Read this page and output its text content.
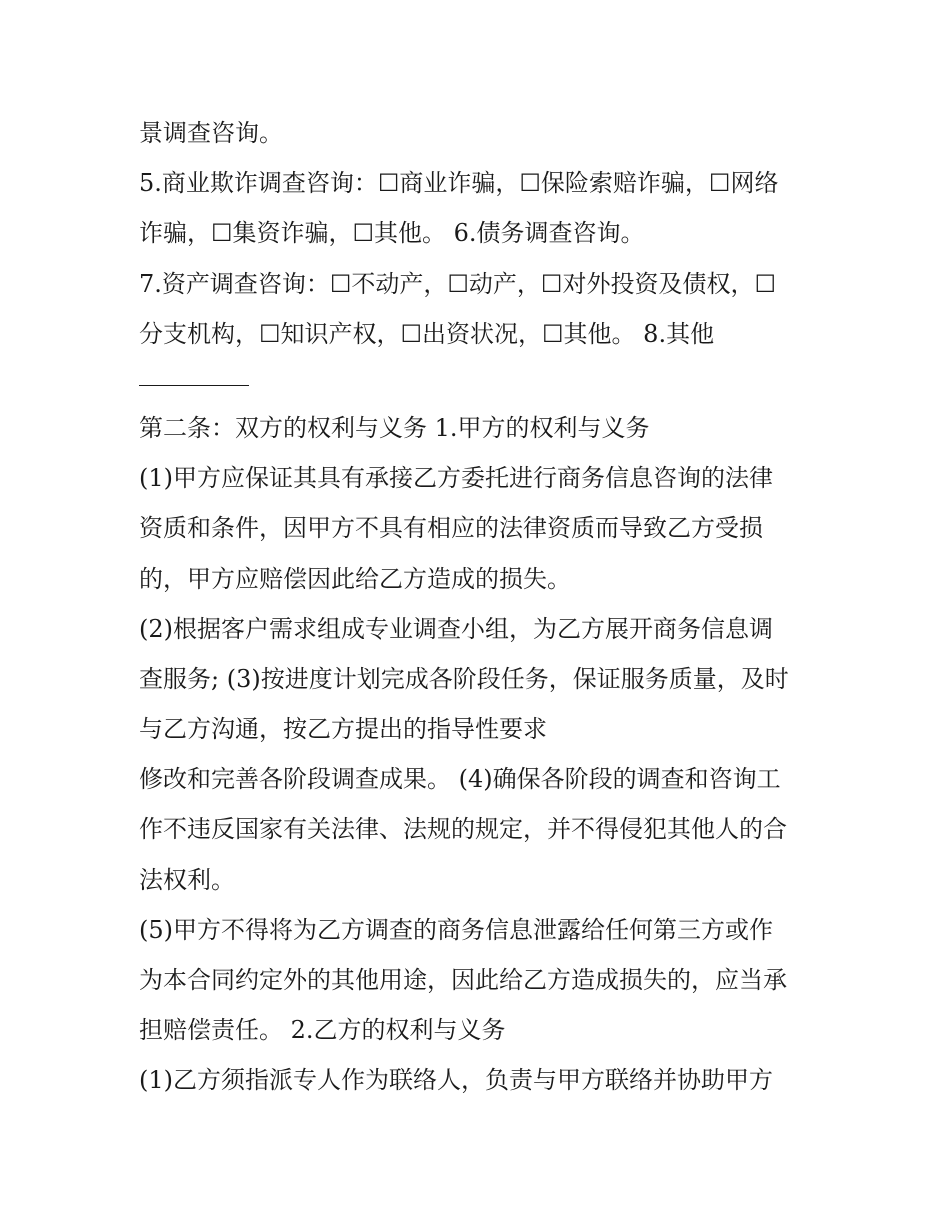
景调查咨询。
5.商业欺诈调查咨询：☐商业诈骗，☐保险索赔诈骗，☐网络
诈骗，☐集资诈骗，☐其他。 6.债务调查咨询。
7.资产调查咨询：☐不动产，☐动产，☐对外投资及债权，☐
分支机构，☐知识产权，☐出资状况，☐其他。 8.其他
第二条：双方的权利与义务 1.甲方的权利与义务
(1)甲方应保证其具有承接乙方委托进行商务信息咨询的法律
资质和条件，因甲方不具有相应的法律资质而导致乙方受损
的，甲方应赔偿因此给乙方造成的损失。
(2)根据客户需求组成专业调查小组，为乙方展开商务信息调
查服务; (3)按进度计划完成各阶段任务，保证服务质量，及时
与乙方沟通，按乙方提出的指导性要求
修改和完善各阶段调查成果。 (4)确保各阶段的调查和咨询工
作不违反国家有关法律、法规的规定，并不得侵犯其他人的合
法权利。
(5)甲方不得将为乙方调查的商务信息泄露给任何第三方或作
为本合同约定外的其他用途，因此给乙方造成损失的，应当承
担赔偿责任。 2.乙方的权利与义务
(1)乙方须指派专人作为联络人，负责与甲方联络并协助甲方
